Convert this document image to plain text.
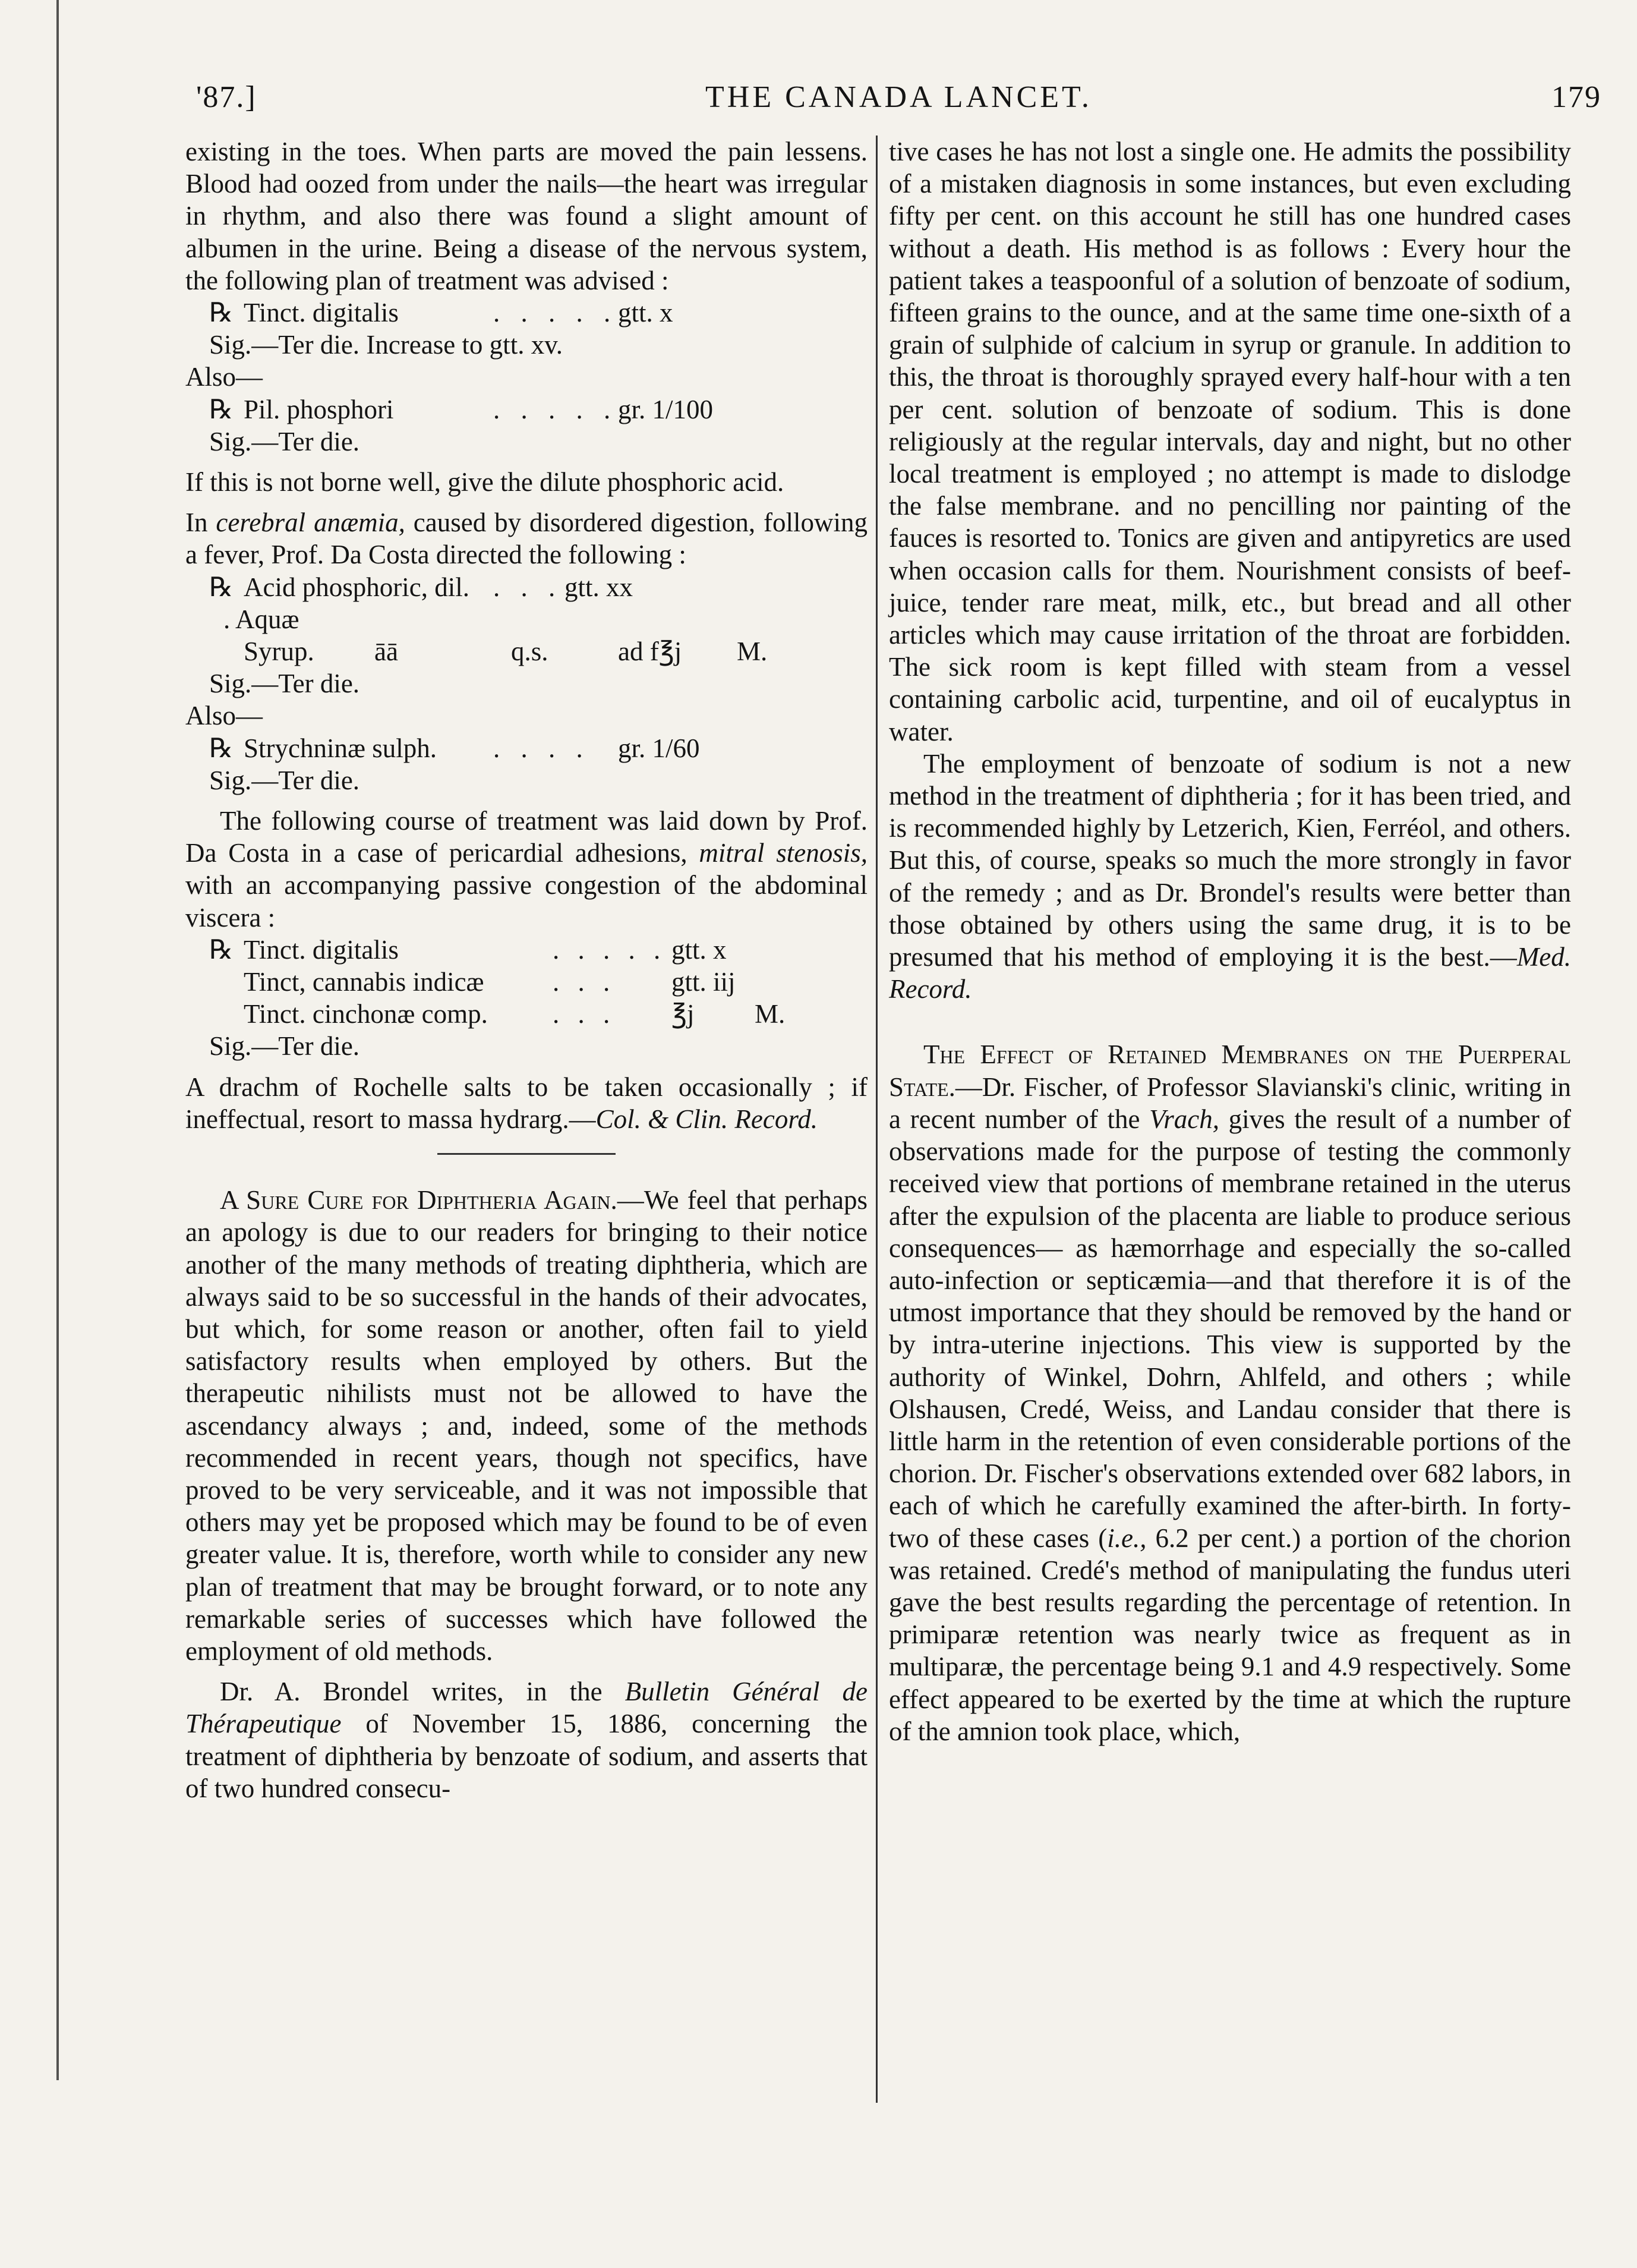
'87.]	THE CANADA LANCET.	179

existing in the toes. When parts are moved the pain lessens. Blood had oozed from under the nails—the heart was irregular in rhythm, and also there was found a slight amount of albumen in the urine. Being a disease of the nervous system, the following plan of treatment was advised :

℞ Tinct. digitalis	. . . . . gtt. x

Sig.—Ter die. Increase to gtt. xv.

Also—

℞ Pil. phosphori	. . . . . gr. 1/100

Sig.—Ter die.

If this is not borne well, give the dilute phosphoric acid.

In cerebral anæmia, caused by disordered digestion, following a fever, Prof. Da Costa directed the following :

℞ Acid phosphoric, dil. . . . gtt. xx

. Aquæ

Syrup.	āā	q.s.	ad f℥j	M.

Sig.—Ter die.

Also—

℞ Strychninæ sulph.	. . . .	gr. 1/60

Sig.—Ter die.

The following course of treatment was laid down by Prof. Da Costa in a case of pericardial adhesions, mitral stenosis, with an accompanying passive congestion of the abdominal viscera :

℞ Tinct. digitalis	. . . . . gtt. x
Tinct, cannabis indicæ	. . .	gtt. iij
Tinct. cinchonæ comp.	. . .	℥j	M.

Sig.—Ter die.

A drachm of Rochelle salts to be taken occasionally ; if ineffectual, resort to massa hydrarg.—Col. & Clin. Record.

A Sure Cure for Diphtheria Again.—We feel that perhaps an apology is due to our readers for bringing to their notice another of the many methods of treating diphtheria, which are always said to be so successful in the hands of their advocates, but which, for some reason or another, often fail to yield satisfactory results when employed by others. But the therapeutic nihilists must not be allowed to have the ascendancy always ; and, indeed, some of the methods recommended in recent years, though not specifics, have proved to be very serviceable, and it was not impossible that others may yet be proposed which may be found to be of even greater value. It is, therefore, worth while to consider any new plan of treatment that may be brought forward, or to note any remarkable series of successes which have followed the employment of old methods.

Dr. A. Brondel writes, in the Bulletin Général de Thérapeutique of November 15, 1886, concerning the treatment of diphtheria by benzoate of sodium, and asserts that of two hundred consecu-

tive cases he has not lost a single one. He admits the possibility of a mistaken diagnosis in some instances, but even excluding fifty per cent. on this account he still has one hundred cases without a death. His method is as follows : Every hour the patient takes a teaspoonful of a solution of benzoate of sodium, fifteen grains to the ounce, and at the same time one-sixth of a grain of sulphide of calcium in syrup or granule. In addition to this, the throat is thoroughly sprayed every half-hour with a ten per cent. solution of benzoate of sodium. This is done religiously at the regular intervals, day and night, but no other local treatment is employed ; no attempt is made to dislodge the false membrane. and no pencilling nor painting of the fauces is resorted to. Tonics are given and antipyretics are used when occasion calls for them. Nourishment consists of beef-juice, tender rare meat, milk, etc., but bread and all other articles which may cause irritation of the throat are forbidden. The sick room is kept filled with steam from a vessel containing carbolic acid, turpentine, and oil of eucalyptus in water.

The employment of benzoate of sodium is not a new method in the treatment of diphtheria ; for it has been tried, and is recommended highly by Letzerich, Kien, Ferréol, and others. But this, of course, speaks so much the more strongly in favor of the remedy ; and as Dr. Brondel's results were better than those obtained by others using the same drug, it is to be presumed that his method of employing it is the best.—Med. Record.

The Effect of Retained Membranes on the Puerperal State.—Dr. Fischer, of Professor Slavianski's clinic, writing in a recent number of the Vrach, gives the result of a number of observations made for the purpose of testing the commonly received view that portions of membrane retained in the uterus after the expulsion of the placenta are liable to produce serious consequences— as hæmorrhage and especially the so-called auto-infection or septicæmia—and that therefore it is of the utmost importance that they should be removed by the hand or by intra-uterine injections. This view is supported by the authority of Winkel, Dohrn, Ahlfeld, and others ; while Olshausen, Credé, Weiss, and Landau consider that there is little harm in the retention of even considerable portions of the chorion. Dr. Fischer's observations extended over 682 labors, in each of which he carefully examined the after-birth. In forty-two of these cases (i.e., 6.2 per cent.) a portion of the chorion was retained. Credé's method of manipulating the fundus uteri gave the best results regarding the percentage of retention. In primiparæ retention was nearly twice as frequent as in multiparæ, the percentage being 9.1 and 4.9 respectively. Some effect appeared to be exerted by the time at which the rupture of the amnion took place, which,
